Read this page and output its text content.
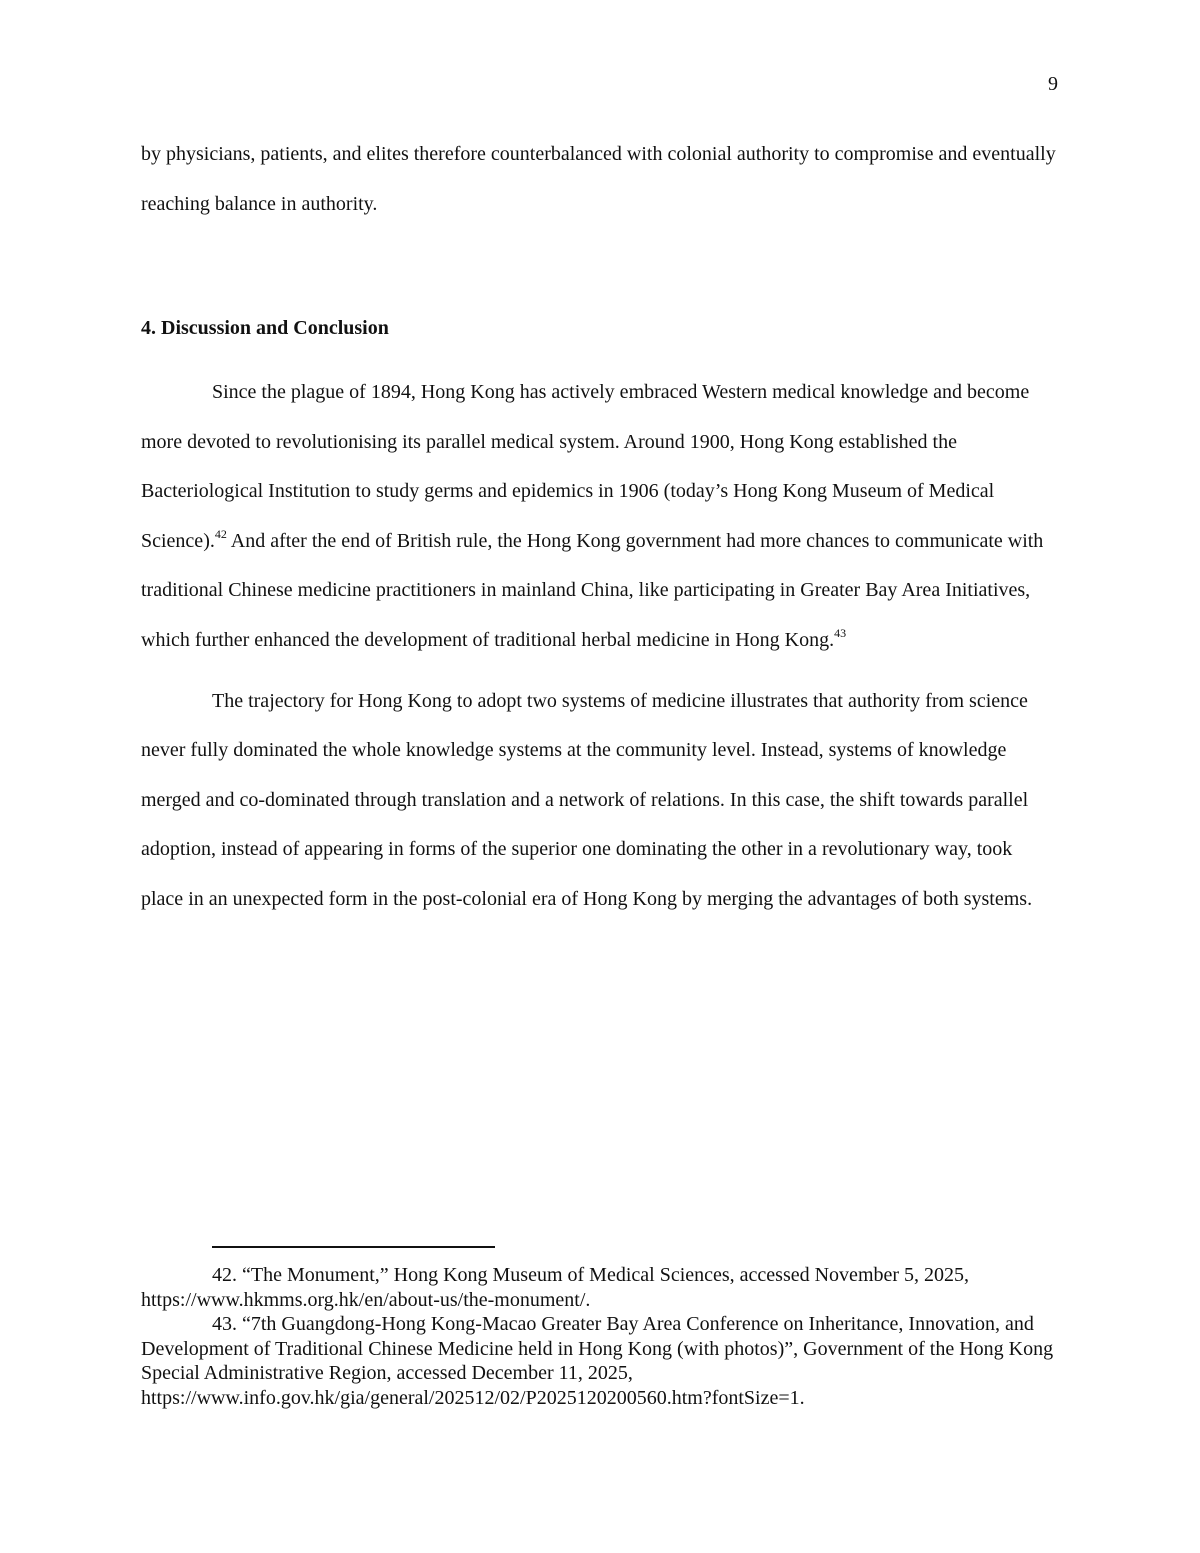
9

by physicians, patients, and elites therefore counterbalanced with colonial authority to compromise and eventually reaching balance in authority.

4. Discussion and Conclusion

Since the plague of 1894, Hong Kong has actively embraced Western medical knowledge and become more devoted to revolutionising its parallel medical system. Around 1900, Hong Kong established the Bacteriological Institution to study germs and epidemics in 1906 (today’s Hong Kong Museum of Medical Science).$^{42}$ And after the end of British rule, the Hong Kong government had more chances to communicate with traditional Chinese medicine practitioners in mainland China, like participating in Greater Bay Area Initiatives, which further enhanced the development of traditional herbal medicine in Hong Kong.$^{43}$

The trajectory for Hong Kong to adopt two systems of medicine illustrates that authority from science never fully dominated the whole knowledge systems at the community level. Instead, systems of knowledge merged and co-dominated through translation and a network of relations. In this case, the shift towards parallel adoption, instead of appearing in forms of the superior one dominating the other in a revolutionary way, took place in an unexpected form in the post-colonial era of Hong Kong by merging the advantages of both systems.

42. “The Monument,” Hong Kong Museum of Medical Sciences, accessed November 5, 2025, https://www.hkmms.org.hk/en/about-us/the-monument/.

43. “7th Guangdong-Hong Kong-Macao Greater Bay Area Conference on Inheritance, Innovation, and Development of Traditional Chinese Medicine held in Hong Kong (with photos)”, Government of the Hong Kong Special Administrative Region, accessed December 11, 2025, https://www.info.gov.hk/gia/general/202512/02/P2025120200560.htm?fontSize=1.
